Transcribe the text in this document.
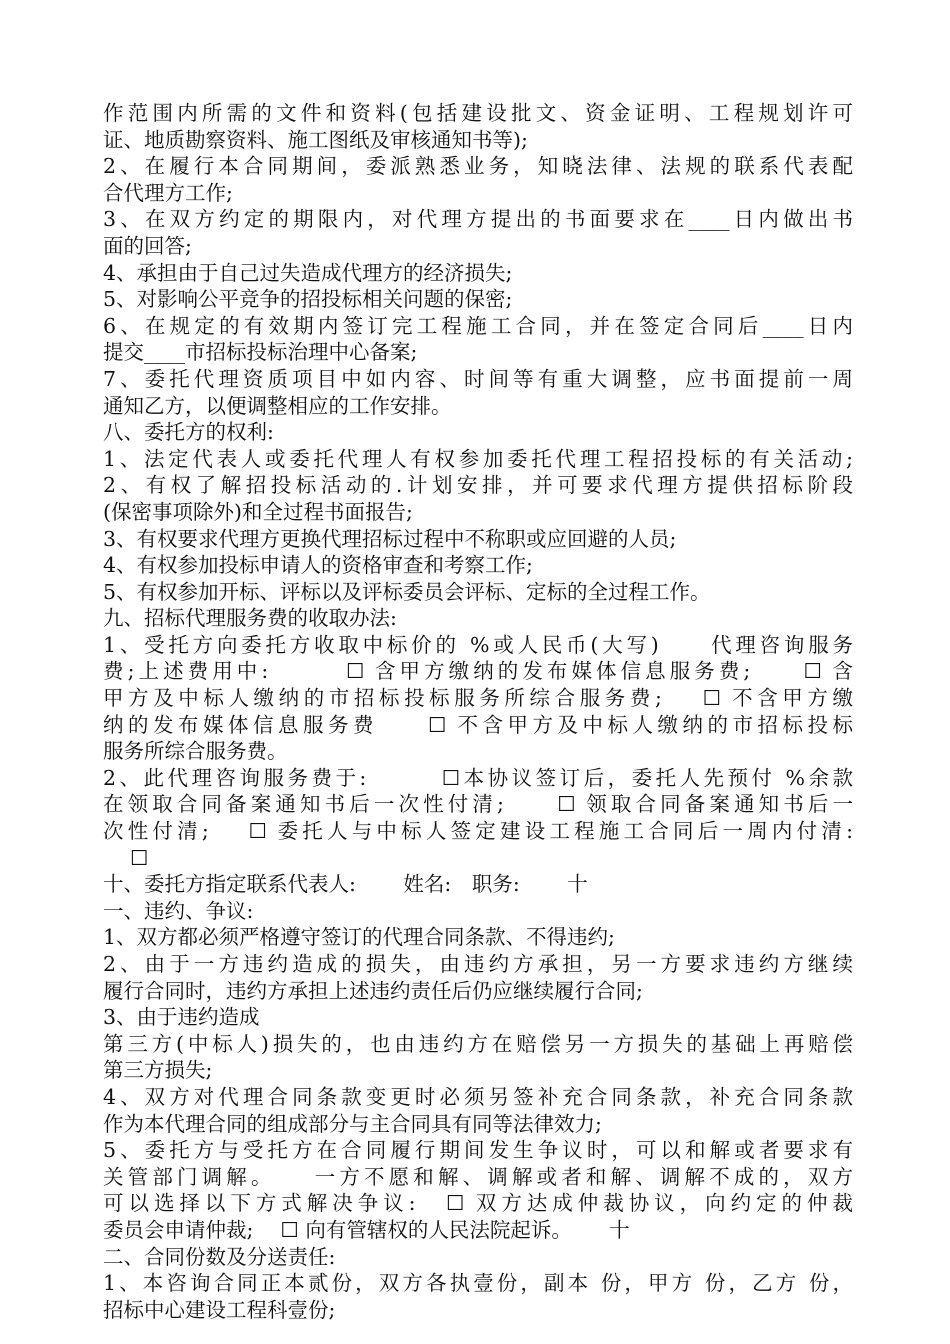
作范围内所需的文件和资料(包括建设批文、资金证明、工程规划许可
证、地质勘察资料、施工图纸及审核通知书等);
2、在履行本合同期间，委派熟悉业务，知晓法律、法规的联系代表配
合代理方工作;
3、在双方约定的期限内，对代理方提出的书面要求在____日内做出书
面的回答;
4、承担由于自己过失造成代理方的经济损失;
5、对影响公平竞争的招投标相关问题的保密;
6、在规定的有效期内签订完工程施工合同，并在签定合同后____日内
提交____市招标投标治理中心备案;
7、委托代理资质项目中如内容、时间等有重大调整，应书面提前一周
通知乙方，以便调整相应的工作安排。
八、委托方的权利:
1、法定代表人或委托代理人有权参加委托代理工程招投标的有关活动;
2、有权了解招投标活动的.计划安排，并可要求代理方提供招标阶段
(保密事项除外)和全过程书面报告;
3、有权要求代理方更换代理招标过程中不称职或应回避的人员;
4、有权参加投标申请人的资格审查和考察工作;
5、有权参加开标、评标以及评标委员会评标、定标的全过程工作。
九、招标代理服务费的收取办法:
1、受托方向委托方收取中标价的 %或人民币(大写)　　代理咨询服务
费;上述费用中:　　　☐ 含甲方缴纳的发布媒体信息服务费;　　☐ 含
甲方及中标人缴纳的市招标投标服务所综合服务费;　 ☐ 不含甲方缴
纳的发布媒体信息服务费　　☐ 不含甲方及中标人缴纳的市招标投标
服务所综合服务费。
2、此代理咨询服务费于:　　　☐本协议签订后，委托人先预付 %余款
在领取合同备案通知书后一次性付清;　　☐ 领取合同备案通知书后一
次性付清;　 ☐ 委托人与中标人签定建设工程施工合同后一周内付清:
　 ☐
十、委托方指定联系代表人:　　 姓名:　职务:　　 十
一、违约、争议:
1、双方都必须严格遵守签订的代理合同条款、不得违约;
2、由于一方违约造成的损失，由违约方承担，另一方要求违约方继续
履行合同时，违约方承担上述违约责任后仍应继续履行合同;
3、由于违约造成
第三方(中标人)损失的，也由违约方在赔偿另一方损失的基础上再赔偿
第三方损失;
4、双方对代理合同条款变更时必须另签补充合同条款，补充合同条款
作为本代理合同的组成部分与主合同具有同等法律效力;
5、委托方与受托方在合同履行期间发生争议时，可以和解或者要求有
关管部门调解。　　一方不愿和解、调解或者和解、调解不成的，双方
可以选择以下方式解决争议:　☐ 双方达成仲裁协议，向约定的仲裁
委员会申请仲裁;　 ☐ 向有管辖权的人民法院起诉。　　 十
二、合同份数及分送责任:
1、本咨询合同正本贰份，双方各执壹份，副本 份，甲方 份，乙方 份，
招标中心建设工程科壹份;
